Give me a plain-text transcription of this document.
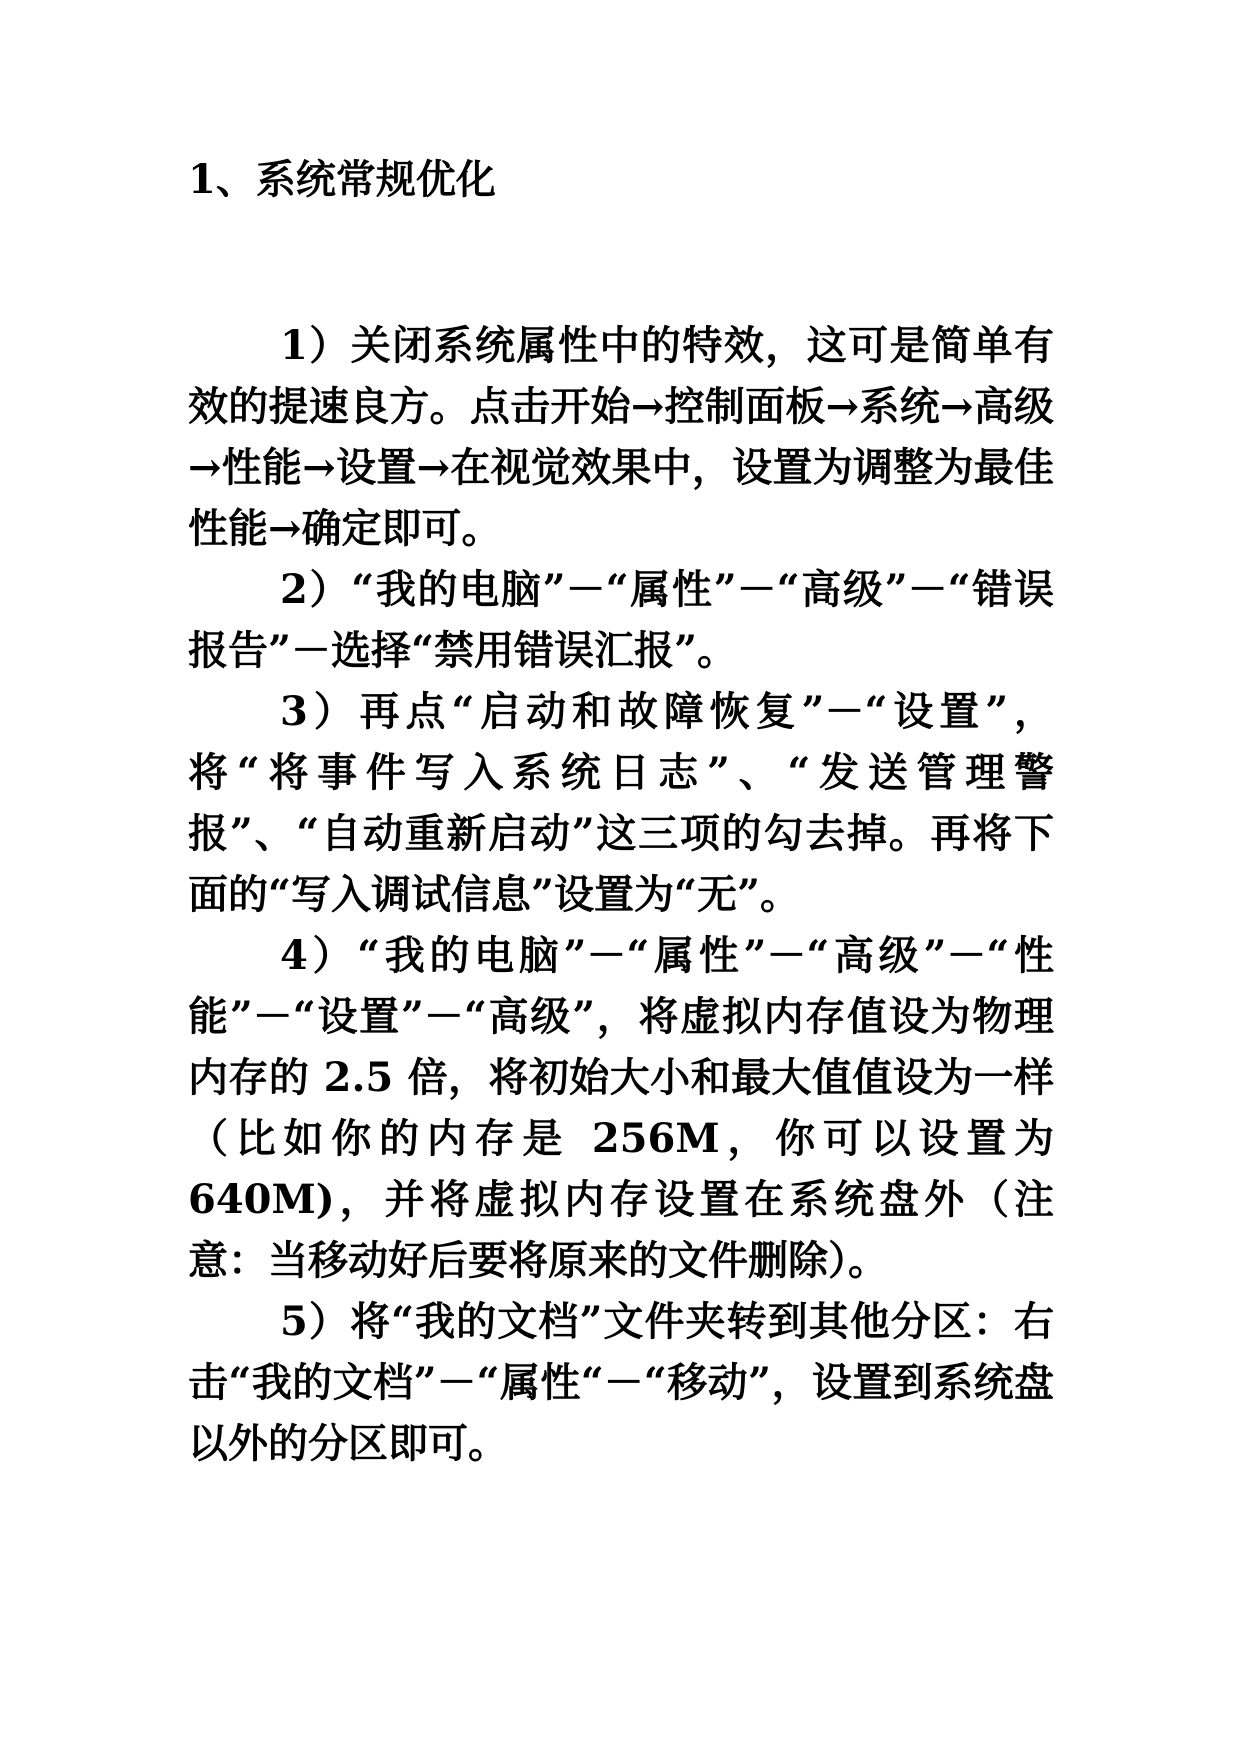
1、系统常规优化

1）关闭系统属性中的特效，这可是简单有效的提速良方。点击开始→控制面板→系统→高级→性能→设置→在视觉效果中，设置为调整为最佳性能→确定即可。

2）“我的电脑”－“属性”－“高级”－“错误报告”－选择“禁用错误汇报”。

3）再点“启动和故障恢复”－“设置”，将“将事件写入系统日志”、“发送管理警报”、“自动重新启动”这三项的勾去掉。再将下面的“写入调试信息”设置为“无”。

4）“我的电脑”－“属性”－“高级”－“性能”－“设置”－“高级”，将虚拟内存值设为物理内存的 2.5 倍，将初始大小和最大值值设为一样（比如你的内存是 256M，你可以设置为 640M)，并将虚拟内存设置在系统盘外（注意：当移动好后要将原来的文件删除）。

5）将“我的文档”文件夹转到其他分区：右击“我的文档”－“属性“－“移动”，设置到系统盘以外的分区即可。
